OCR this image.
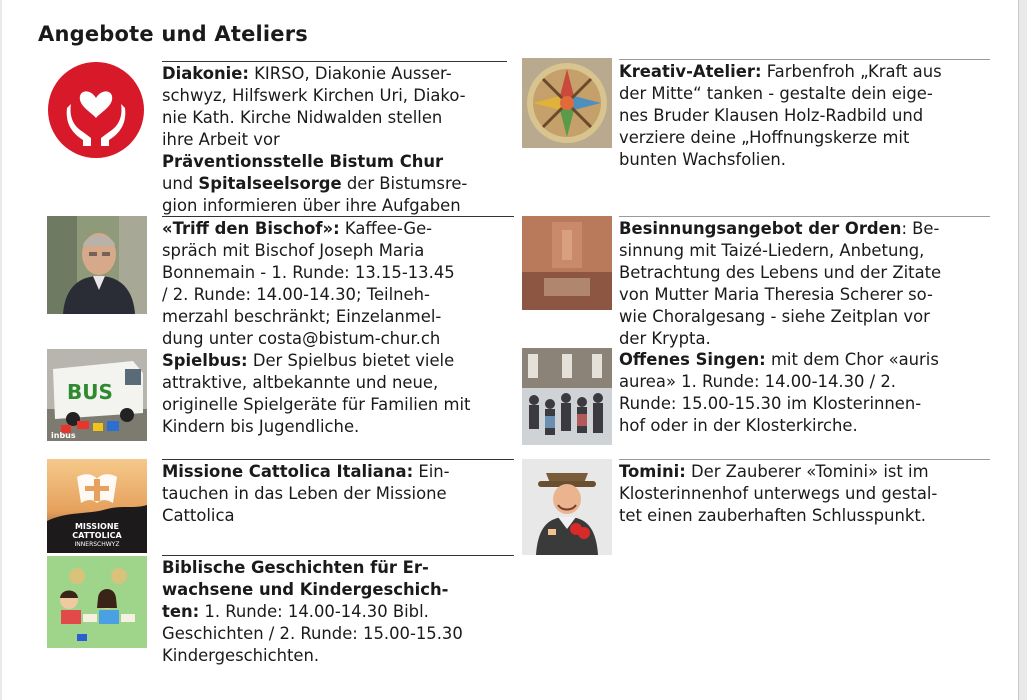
Angebote und Ateliers
Diakonie: KIRSO, Diakonie Ausser-
schwyz, Hilfswerk Kirchen Uri, Diako-
nie Kath. Kirche Nidwalden stellen
ihre Arbeit vor
Präventionsstelle Bistum Chur
und Spitalseelsorge der Bistumsre-
gion informieren über ihre Aufgaben
«Triff den Bischof»: Kaffee-Ge-
spräch mit Bischof Joseph Maria
Bonnemain - 1. Runde: 13.15-13.45
/ 2. Runde: 14.00-14.30; Teilneh-
merzahl beschränkt; Einzelanmel-
dung unter costa@bistum-chur.ch
BUS
inbus
Spielbus: Der Spielbus bietet viele
attraktive, altbekannte und neue,
originelle Spielgeräte für Familien mit
Kindern bis Jugendliche.
MISSIONE
CATTOLICA
INNERSCHWYZ
Missione Cattolica Italiana: Ein-
tauchen in das Leben der Missione
Cattolica
Biblische Geschichten für Er-
wachsene und Kindergeschich-
ten: 1. Runde: 14.00-14.30 Bibl.
Geschichten / 2. Runde: 15.00-15.30
Kindergeschichten.
Kreativ-Atelier: Farbenfroh „Kraft aus
der Mitte“ tanken - gestalte dein eige-
nes Bruder Klausen Holz-Radbild und
verziere deine „Hoffnungskerze mit
bunten Wachsfolien.
Besinnungsangebot der Orden: Be-
sinnung mit Taizé-Liedern, Anbetung,
Betrachtung des Lebens und der Zitate
von Mutter Maria Theresia Scherer so-
wie Choralgesang - siehe Zeitplan vor
der Krypta.
Offenes Singen: mit dem Chor «auris
aurea» 1. Runde: 14.00-14.30 / 2.
Runde: 15.00-15.30 im Klosterinnen-
hof oder in der Klosterkirche.
Tomini: Der Zauberer «Tomini» ist im
Klosterinnenhof unterwegs und gestal-
tet einen zauberhaften Schlusspunkt.
